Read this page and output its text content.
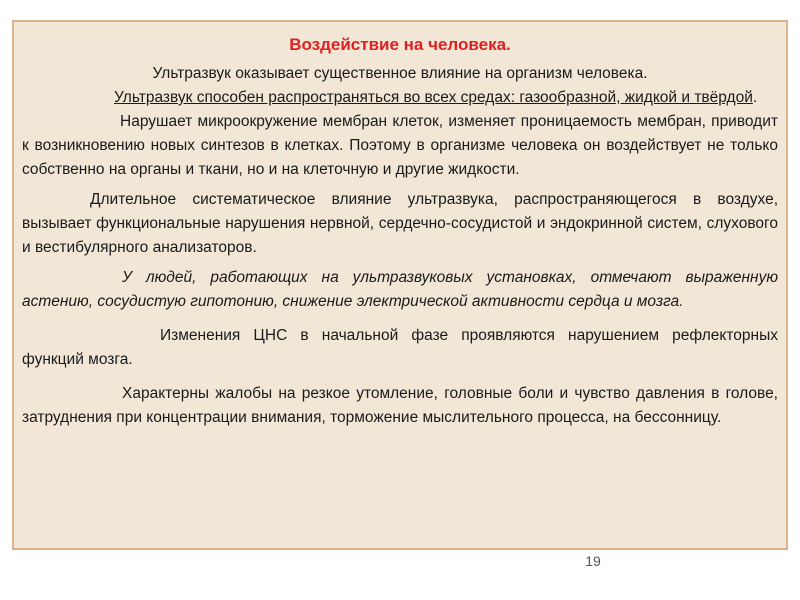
Воздействие на человека.

Ультразвук оказывает существенное влияние на организм человека.

Ультразвук способен распространяться во всех средах: газообразной, жидкой и твёрдой.

Нарушает микроокружение мембран клеток, изменяет проницаемость мембран, приводит к возникновению новых синтезов в клетках. Поэтому в организме человека он воздействует не только собственно на органы и ткани, но и на клеточную и другие жидкости.

Длительное систематическое влияние ультразвука, распространяющегося в воздухе, вызывает функциональные нарушения нервной, сердечно-сосудистой и эндокринной систем, слухового и вестибулярного анализаторов.

У людей, работающих на ультразвуковых установках, отмечают выраженную астению, сосудистую гипотонию, снижение электрической активности сердца и мозга.

Изменения ЦНС в начальной фазе проявляются нарушением рефлекторных функций мозга.

Характерны жалобы на резкое утомление, головные боли и чувство давления в голове, затруднения при концентрации внимания, торможение мыслительного процесса, на бессонницу.

19
